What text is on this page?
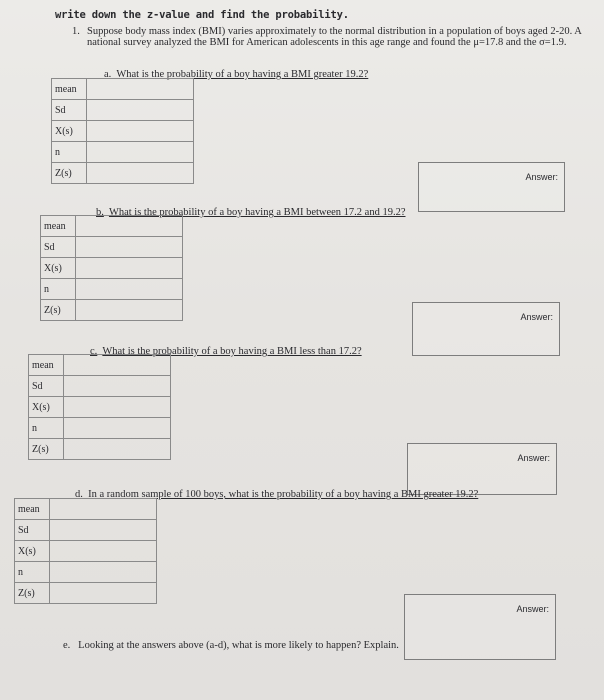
write down the z-value and find the probability.
1. Suppose body mass index (BMI) varies approximately to the normal distribution in a population of boys aged 2-20. A national survey analyzed the BMI for American adolescents in this age range and found the μ=17.8 and the σ=1.9.
a. What is the probability of a boy having a BMI greater 19.2?
mean	
Sd	
X(s)	
n	
Z(s)		Answer:
b. What is the probability of a boy having a BMI between 17.2 and 19.2?
mean	
Sd	
X(s)	
n	
Z(s)	
Answer:
c. What is the probability of a boy having a BMI less than 17.2?
mean	
Sd	
X(s)	
n	
Z(s)	
Answer:
d. In a random sample of 100 boys, what is the probability of a boy having a BMI greater 19.2?
mean	
Sd	
X(s)	
n	
Z(s)	
Answer:
e. Looking at the answers above (a-d), what is more likely to happen? Explain.
